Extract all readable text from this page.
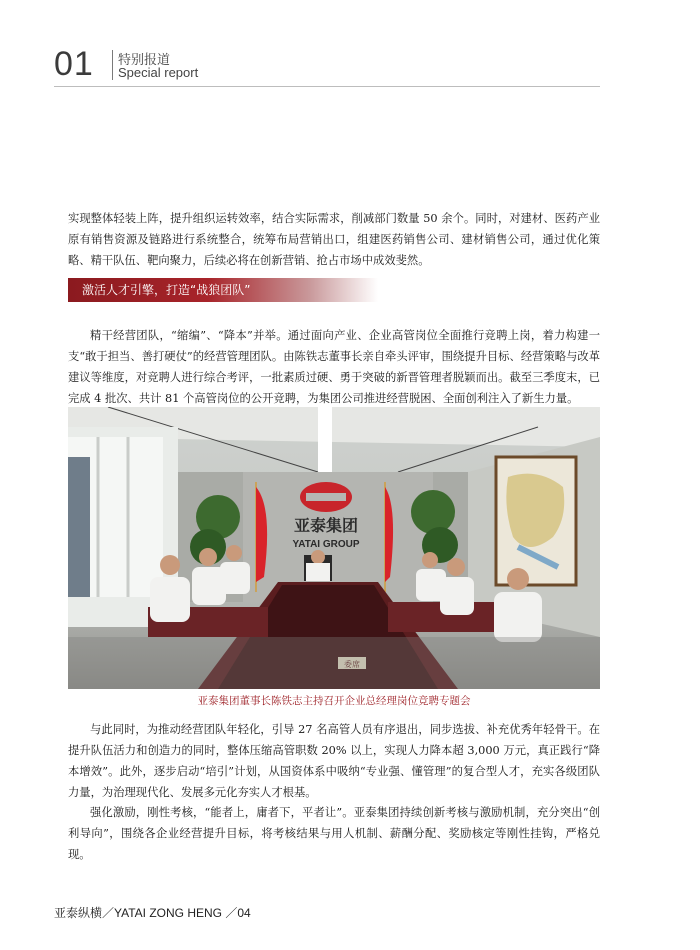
01 特别报道
Special report

实现整体轻装上阵，提升组织运转效率，结合实际需求，削减部门数量 50 余个。同时，对建材、医药产业原有销售资源及链路进行系统整合，统筹布局营销出口，组建医药销售公司、建材销售公司，通过优化策略、精干队伍、靶向聚力，后续必将在创新营销、抢占市场中成效斐然。

激活人才引擎，打造“战狼团队”

精干经营团队，“缩编”、“降本”并举。通过面向产业、企业高管岗位全面推行竞聘上岗，着力构建一支“敢于担当、善打硬仗”的经营管理团队。由陈铁志董事长亲自牵头评审，围绕提升目标、经营策略与改革建议等维度，对竞聘人进行综合考评，一批素质过硬、勇于突破的新晋管理者脱颖而出。截至三季度末，已完成 4 批次、共计 81 个高管岗位的公开竞聘，为集团公司推进经营脱困、全面创利注入了新生力量。

亚泰集团
YATAI GROUP
委席
亚泰集团董事长陈铁志主持召开企业总经理岗位竞聘专题会

与此同时，为推动经营团队年轻化，引导 27 名高管人员有序退出，同步选拔、补充优秀年轻骨干。在提升队伍活力和创造力的同时，整体压缩高管职数 20% 以上，实现人力降本超 3,000 万元，真正践行“降本增效”。此外，逐步启动“培引”计划，从国资体系中吸纳“专业强、懂管理”的复合型人才，充实各级团队力量，为治理现代化、发展多元化夯实人才根基。

强化激励，刚性考核，“能者上，庸者下，平者让”。亚泰集团持续创新考核与激励机制，充分突出“创利导向”，围绕各企业经营提升目标，将考核结果与用人机制、薪酬分配、奖励核定等刚性挂钩，严格兑现。

亚泰纵横／YATAI ZONG HENG ／04
